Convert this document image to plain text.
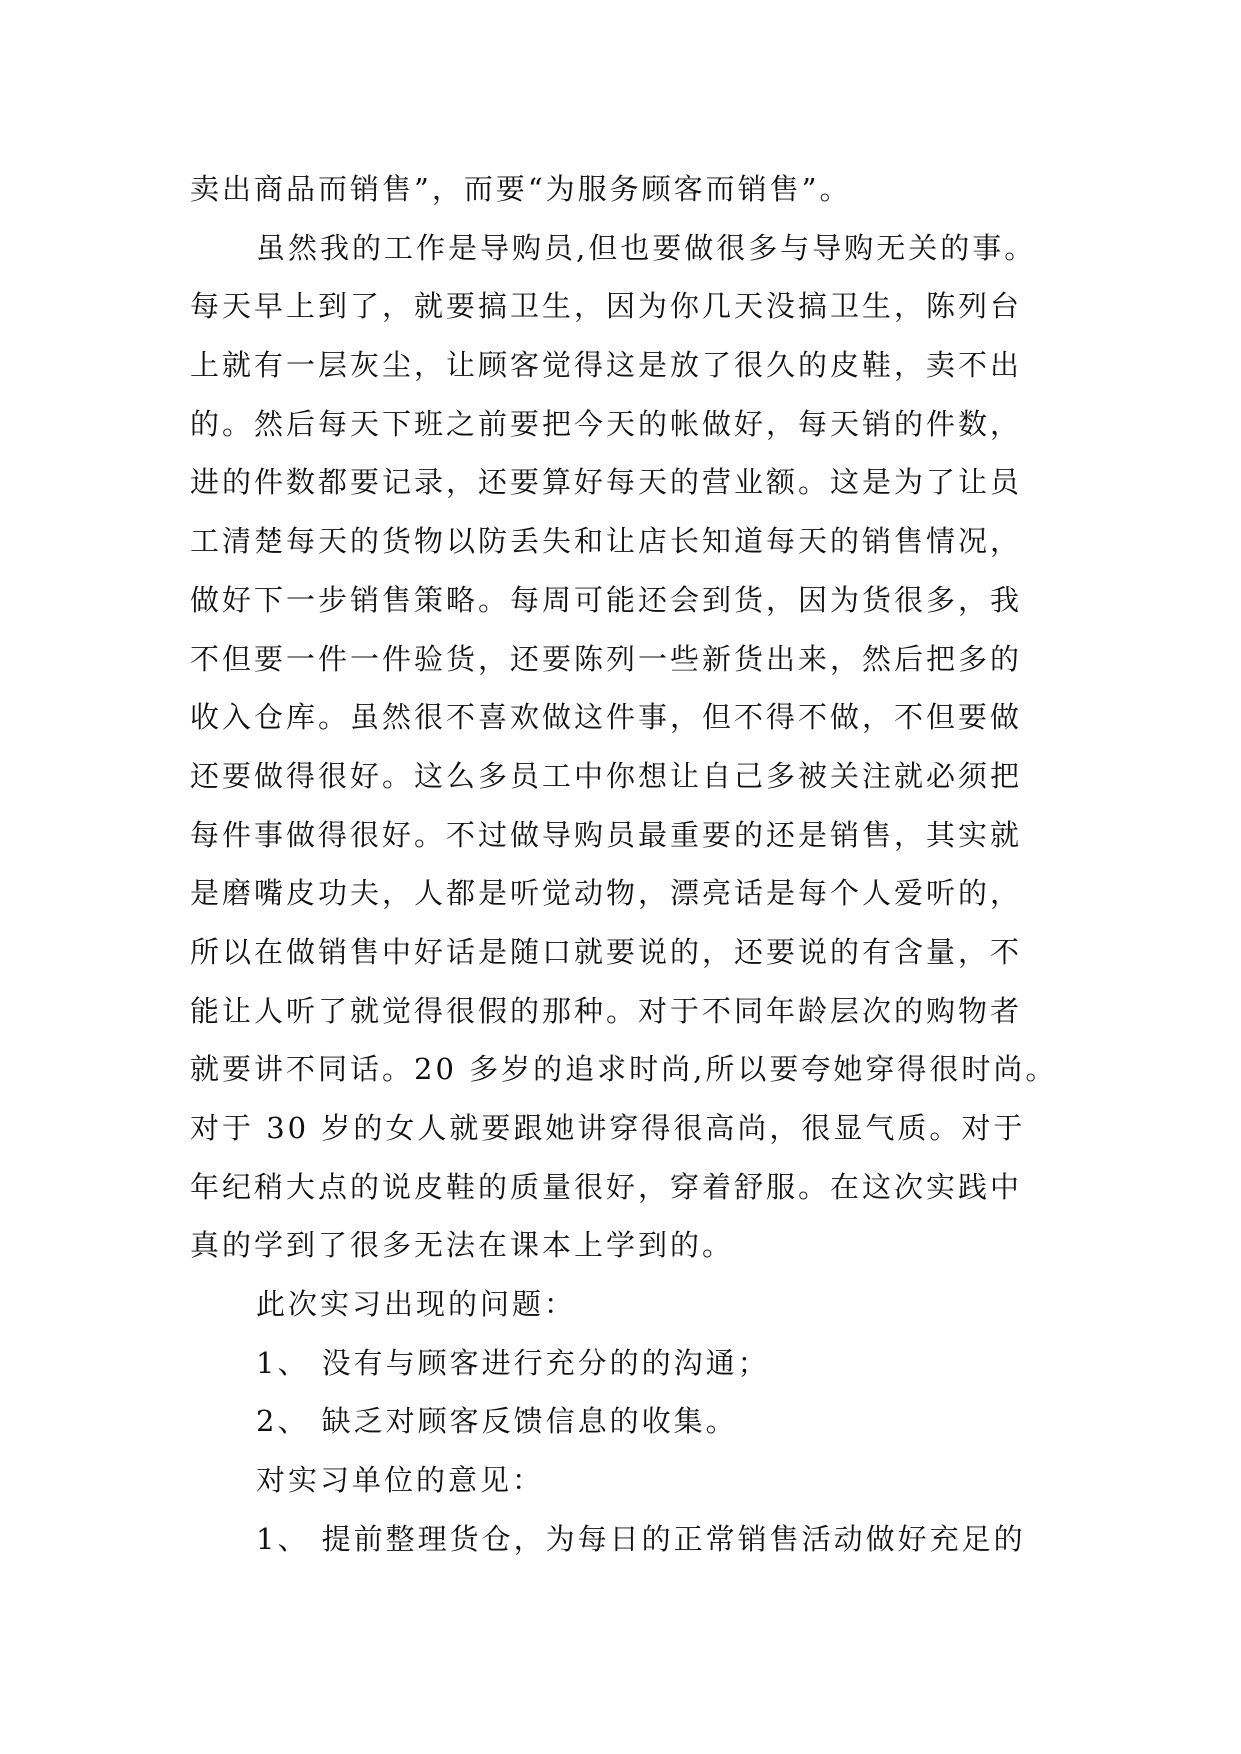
卖出商品而销售”，而要“为服务顾客而销售”。
虽然我的工作是导购员,但也要做很多与导购无关的事。
每天早上到了，就要搞卫生，因为你几天没搞卫生，陈列台
上就有一层灰尘，让顾客觉得这是放了很久的皮鞋，卖不出
的。然后每天下班之前要把今天的帐做好，每天销的件数，
进的件数都要记录，还要算好每天的营业额。这是为了让员
工清楚每天的货物以防丢失和让店长知道每天的销售情况，
做好下一步销售策略。每周可能还会到货，因为货很多，我
不但要一件一件验货，还要陈列一些新货出来，然后把多的
收入仓库。虽然很不喜欢做这件事，但不得不做，不但要做
还要做得很好。这么多员工中你想让自己多被关注就必须把
每件事做得很好。不过做导购员最重要的还是销售，其实就
是磨嘴皮功夫，人都是听觉动物，漂亮话是每个人爱听的，
所以在做销售中好话是随口就要说的，还要说的有含量，不
能让人听了就觉得很假的那种。对于不同年龄层次的购物者
就要讲不同话。20 多岁的追求时尚,所以要夸她穿得很时尚。
对于 30 岁的女人就要跟她讲穿得很高尚，很显气质。对于
年纪稍大点的说皮鞋的质量很好，穿着舒服。在这次实践中
真的学到了很多无法在课本上学到的。
此次实习出现的问题：
1、 没有与顾客进行充分的的沟通；
2、 缺乏对顾客反馈信息的收集。
对实习单位的意见：
1、 提前整理货仓，为每日的正常销售活动做好充足的
